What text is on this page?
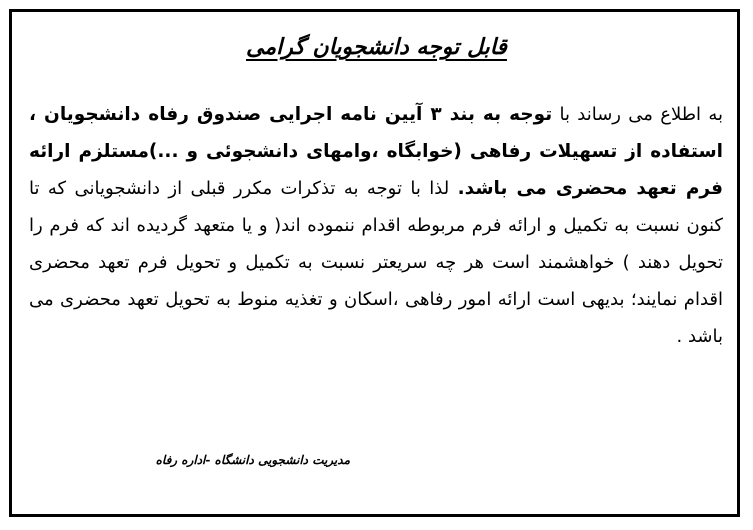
قابل توجه دانشجویان گرامی
به اطلاع می رساند با توجه به بند ۳ آیین نامه اجرایی صندوق رفاه دانشجویان ، استفاده از تسهیلات رفاهی (خوابگاه ،وامهای دانشجوئی و ...)مستلزم ارائه فرم تعهد محضری می باشد. لذا با توجه به تذکرات مکرر قبلی از دانشجویانی که تا کنون نسبت به تکمیل و ارائه فرم مربوطه اقدام ننموده اند( و یا متعهد گردیده اند که فرم را تحویل دهند ) خواهشمند است هر چه سریعتر نسبت به تکمیل و تحویل فرم تعهد محضری اقدام نمایند؛ بدیهی است ارائه امور رفاهی ،اسکان و تغذیه منوط به تحویل تعهد محضری می باشد .
مدیریت دانشجویی دانشگاه -اداره رفاه
